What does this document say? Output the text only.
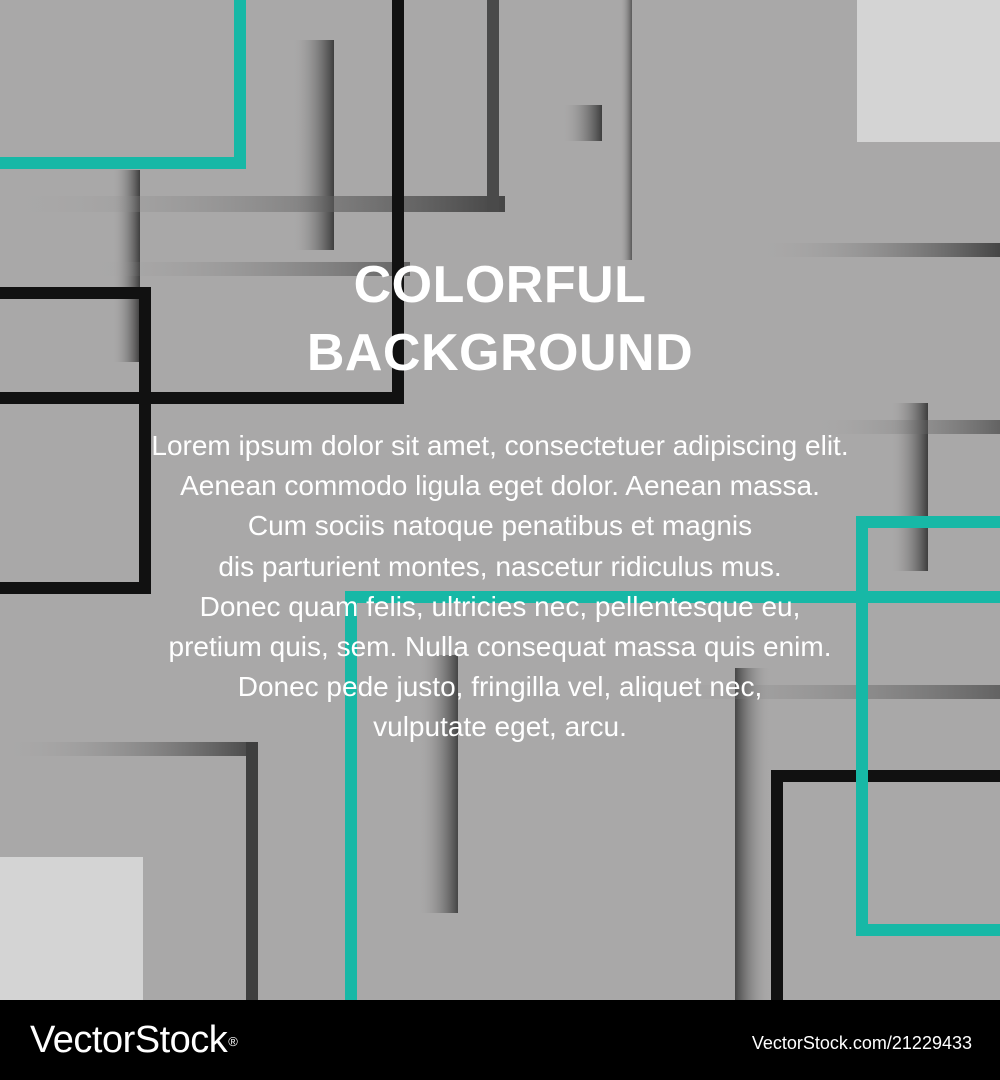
COLORFUL
BACKGROUND
Lorem ipsum dolor sit amet, consectetuer adipiscing elit.
Aenean commodo ligula eget dolor. Aenean massa.
Cum sociis natoque penatibus et magnis
dis parturient montes, nascetur ridiculus mus.
Donec quam felis, ultricies nec, pellentesque eu,
pretium quis, sem. Nulla consequat massa quis enim.
Donec pede justo, fringilla vel, aliquet nec,
vulputate eget, arcu.
VectorStock®	VectorStock.com/21229433
